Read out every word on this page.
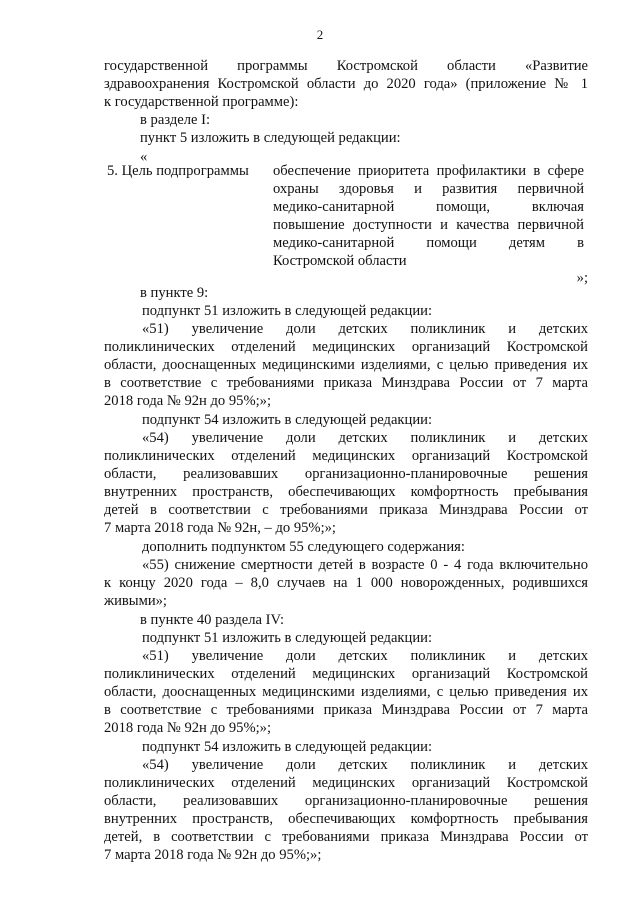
2
государственной программы Костромской области «Развитие
здравоохранения Костромской области до 2020 года» (приложение № 1
к государственной программе):
в разделе I:
пункт 5 изложить в следующей редакции:
«
5. Цель подпрограммы	обеспечение приоритета профилактики в сфере
охраны здоровья и развития первичной
медико-санитарной помощи, включая
повышение доступности и качества первичной
медико-санитарной помощи детям в
Костромской области
»;
в пункте 9:
подпункт 51 изложить в следующей редакции:
«51) увеличение доли детских поликлиник и детских
поликлинических отделений медицинских организаций Костромской
области, дооснащенных медицинскими изделиями, с целью приведения их
в соответствие с требованиями приказа Минздрава России от 7 марта
2018 года № 92н до 95%;»;
подпункт 54 изложить в следующей редакции:
«54) увеличение доли детских поликлиник и детских
поликлинических отделений медицинских организаций Костромской
области, реализовавших организационно-планировочные решения
внутренних пространств, обеспечивающих комфортность пребывания
детей в соответствии с требованиями приказа Минздрава России от
7 марта 2018 года № 92н, – до 95%;»;
дополнить подпунктом 55 следующего содержания:
«55) снижение смертности детей в возрасте 0 - 4 года включительно
к концу 2020 года – 8,0 случаев на 1 000 новорожденных, родившихся
живыми»;
в пункте 40 раздела IV:
подпункт 51 изложить в следующей редакции:
«51) увеличение доли детских поликлиник и детских
поликлинических отделений медицинских организаций Костромской
области, дооснащенных медицинскими изделиями, с целью приведения их
в соответствие с требованиями приказа Минздрава России от 7 марта
2018 года № 92н до 95%;»;
подпункт 54 изложить в следующей редакции:
«54) увеличение доли детских поликлиник и детских
поликлинических отделений медицинских организаций Костромской
области, реализовавших организационно-планировочные решения
внутренних пространств, обеспечивающих комфортность пребывания
детей, в соответствии с требованиями приказа Минздрава России от
7 марта 2018 года № 92н до 95%;»;
